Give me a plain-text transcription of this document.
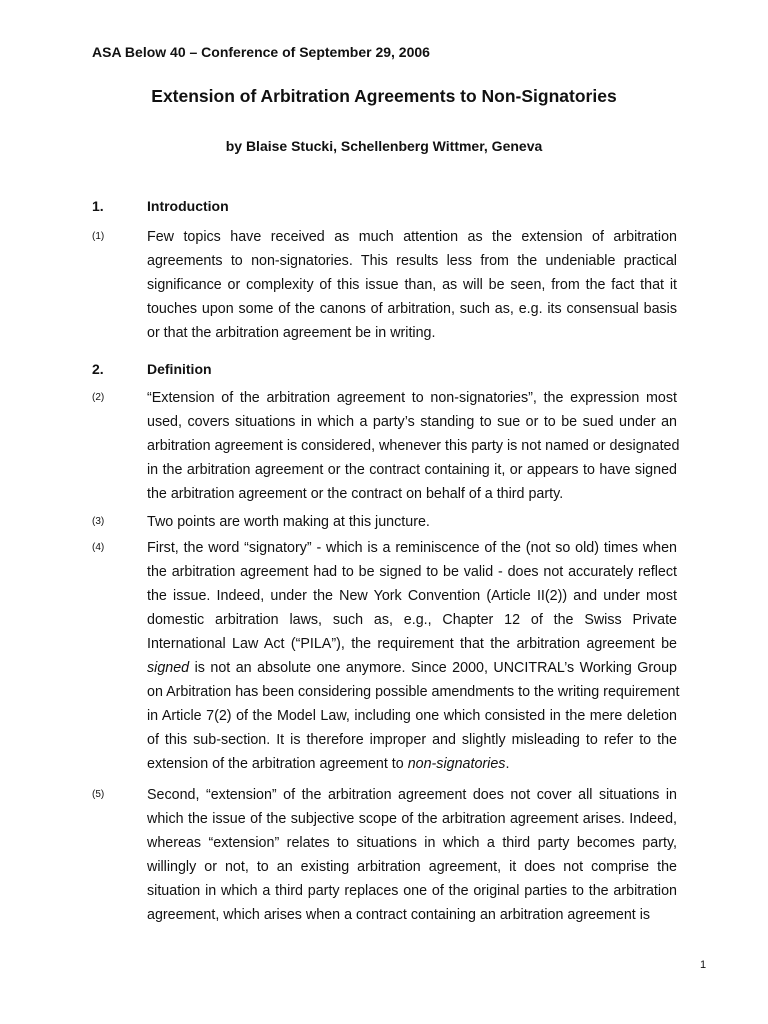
ASA Below 40 – Conference of September 29, 2006
Extension of Arbitration Agreements to Non-Signatories
by Blaise Stucki, Schellenberg Wittmer, Geneva
1.	Introduction
(1)	Few topics have received as much attention as the extension of arbitration
agreements to non-signatories. This results less from the undeniable practical
significance or complexity of this issue than, as will be seen, from the fact that it
touches upon some of the canons of arbitration, such as, e.g. its consensual basis
or that the arbitration agreement be in writing.
2.	Definition
(2)	“Extension of the arbitration agreement to non-signatories”, the expression most
used, covers situations in which a party’s standing to sue or to be sued under an
arbitration agreement is considered, whenever this party is not named or designated
in the arbitration agreement or the contract containing it, or appears to have signed
the arbitration agreement or the contract on behalf of a third party.
(3)	Two points are worth making at this juncture.
(4)	First, the word “signatory” - which is a reminiscence of the (not so old) times when
the arbitration agreement had to be signed to be valid - does not accurately reflect
the issue. Indeed, under the New York Convention (Article II(2)) and under most
domestic arbitration laws, such as, e.g., Chapter 12 of the Swiss Private
International Law Act (“PILA”), the requirement that the arbitration agreement be
signed is not an absolute one anymore. Since 2000, UNCITRAL’s Working Group
on Arbitration has been considering possible amendments to the writing requirement
in Article 7(2) of the Model Law, including one which consisted in the mere deletion
of this sub-section. It is therefore improper and slightly misleading to refer to the
extension of the arbitration agreement to non-signatories.
(5)	Second, “extension” of the arbitration agreement does not cover all situations in
which the issue of the subjective scope of the arbitration agreement arises. Indeed,
whereas “extension” relates to situations in which a third party becomes party,
willingly or not, to an existing arbitration agreement, it does not comprise the
situation in which a third party replaces one of the original parties to the arbitration
agreement, which arises when a contract containing an arbitration agreement is
1
